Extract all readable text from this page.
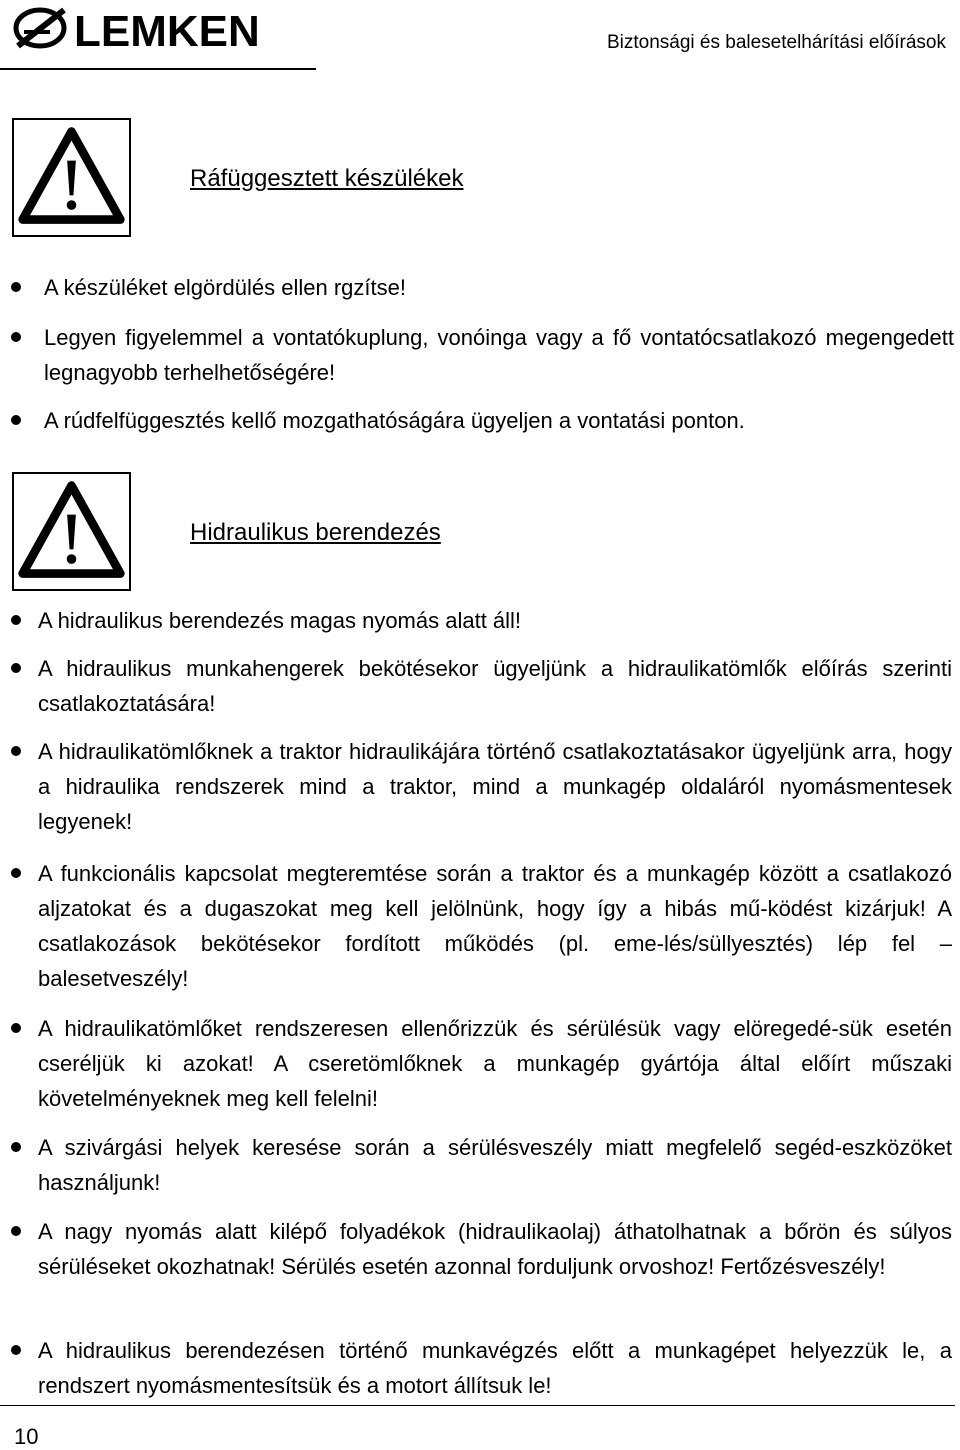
LEMKEN	Biztonsági és balesetelhárítási előírások
Ráfüggesztett készülékek
A készüléket elgördülés ellen rgzítse!
Legyen figyelemmel a vontatókuplung, vonóinga vagy a fő vontatócsatlakozó megengedett legnagyobb terhelhetőségére!
A rúdfelfüggesztés kellő mozgathatóságára ügyeljen a vontatási ponton.
Hidraulikus berendezés
A hidraulikus berendezés magas nyomás alatt áll!
A hidraulikus munkahengerek bekötésekor ügyeljünk a hidraulikatömlők előírás szerinti csatlakoztatására!
A hidraulikatömlőknek a traktor hidraulikájára történő csatlakoztatásakor ügyeljünk arra, hogy a hidraulika rendszerek mind a traktor, mind a munkagép oldaláról nyomásmentesek legyenek!
A funkcionális kapcsolat megteremtése során a traktor és a munkagép között a csatlakozó aljzatokat és a dugaszokat meg kell jelölnünk, hogy így a hibás mű-ködést kizárjuk! A csatlakozások bekötésekor fordított működés (pl. eme-lés/süllyesztés) lép fel – balesetveszély!
A hidraulikatömlőket rendszeresen ellenőrizzük és sérülésük vagy elöregedé-sük esetén cseréljük ki azokat! A cseretömlőknek a munkagép gyártója által előírt műszaki követelményeknek meg kell felelni!
A szivárgási helyek keresése során a sérülésveszély miatt megfelelő segéd-eszközöket használjunk!
A nagy nyomás alatt kilépő folyadékok (hidraulikaolaj) áthatolhatnak a bőrön és súlyos sérüléseket okozhatnak! Sérülés esetén azonnal forduljunk orvoshoz! Fertőzésveszély!
A hidraulikus berendezésen történő munkavégzés előtt a munkagépet helyezzük le, a rendszert nyomásmentesítsük és a motort állítsuk le!
10
